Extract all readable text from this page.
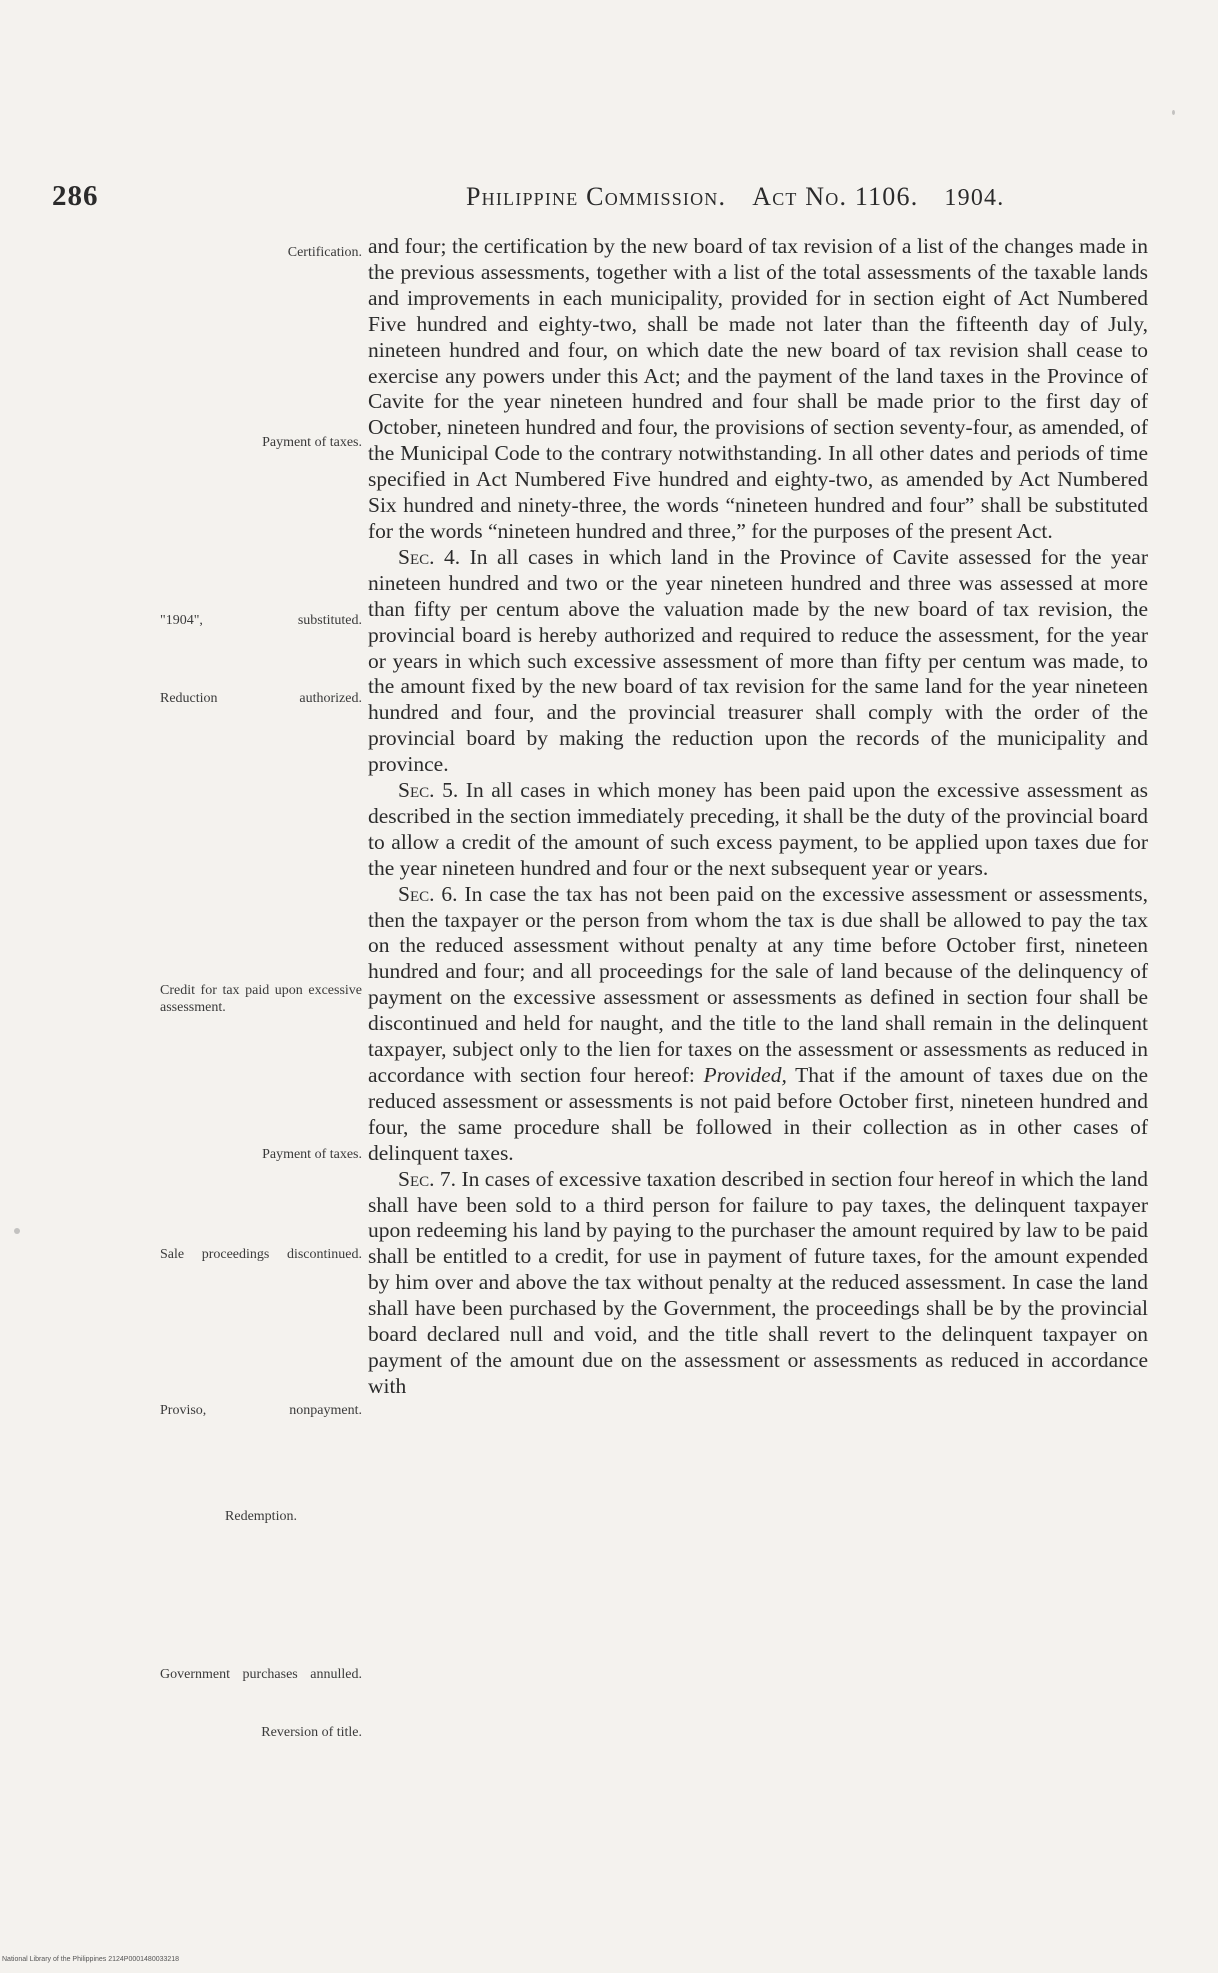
286	Philippine Commission. Act No. 1106. 1904.
Certification.
Payment of taxes.
"1904", substituted.
Reduction authorized.
Credit for tax paid upon excessive assessment.
Payment of taxes.
Sale proceedings discontinued.
Proviso, nonpayment.
Redemption.
Government purchases annulled.
Reversion of title.

and four; the certification by the new board of tax revision of a list of the changes made in the previous assessments, together with a list of the total assessments of the taxable lands and improvements in each municipality, provided for in section eight of Act Numbered Five hundred and eighty-two, shall be made not later than the fifteenth day of July, nineteen hundred and four, on which date the new board of tax revision shall cease to exercise any powers under this Act; and the payment of the land taxes in the Province of Cavite for the year nineteen hundred and four shall be made prior to the first day of October, nineteen hundred and four, the provisions of section seventy-four, as amended, of the Municipal Code to the contrary notwithstanding. In all other dates and periods of time specified in Act Numbered Five hundred and eighty-two, as amended by Act Numbered Six hundred and ninety-three, the words “nineteen hundred and four” shall be substituted for the words “nineteen hundred and three,” for the purposes of the present Act.

Sec. 4. In all cases in which land in the Province of Cavite assessed for the year nineteen hundred and two or the year nineteen hundred and three was assessed at more than fifty per centum above the valuation made by the new board of tax revision, the provincial board is hereby authorized and required to reduce the assessment, for the year or years in which such excessive assessment of more than fifty per centum was made, to the amount fixed by the new board of tax revision for the same land for the year nineteen hundred and four, and the provincial treasurer shall comply with the order of the provincial board by making the reduction upon the records of the municipality and province.

Sec. 5. In all cases in which money has been paid upon the excessive assessment as described in the section immediately preceding, it shall be the duty of the provincial board to allow a credit of the amount of such excess payment, to be applied upon taxes due for the year nineteen hundred and four or the next subsequent year or years.

Sec. 6. In case the tax has not been paid on the excessive assessment or assessments, then the taxpayer or the person from whom the tax is due shall be allowed to pay the tax on the reduced assessment without penalty at any time before October first, nineteen hundred and four; and all proceedings for the sale of land because of the delinquency of payment on the excessive assessment or assessments as defined in section four shall be discontinued and held for naught, and the title to the land shall remain in the delinquent taxpayer, subject only to the lien for taxes on the assessment or assessments as reduced in accordance with section four hereof: Provided, That if the amount of taxes due on the reduced assessment or assessments is not paid before October first, nineteen hundred and four, the same procedure shall be followed in their collection as in other cases of delinquent taxes.

Sec. 7. In cases of excessive taxation described in section four hereof in which the land shall have been sold to a third person for failure to pay taxes, the delinquent taxpayer upon redeeming his land by paying to the purchaser the amount required by law to be paid shall be entitled to a credit, for use in payment of future taxes, for the amount expended by him over and above the tax without penalty at the reduced assessment. In case the land shall have been purchased by the Government, the proceedings shall be by the provincial board declared null and void, and the title shall revert to the delinquent taxpayer on payment of the amount due on the assessment or assessments as reduced in accordance with

National Library of the Philippines 2124P0001480033218
